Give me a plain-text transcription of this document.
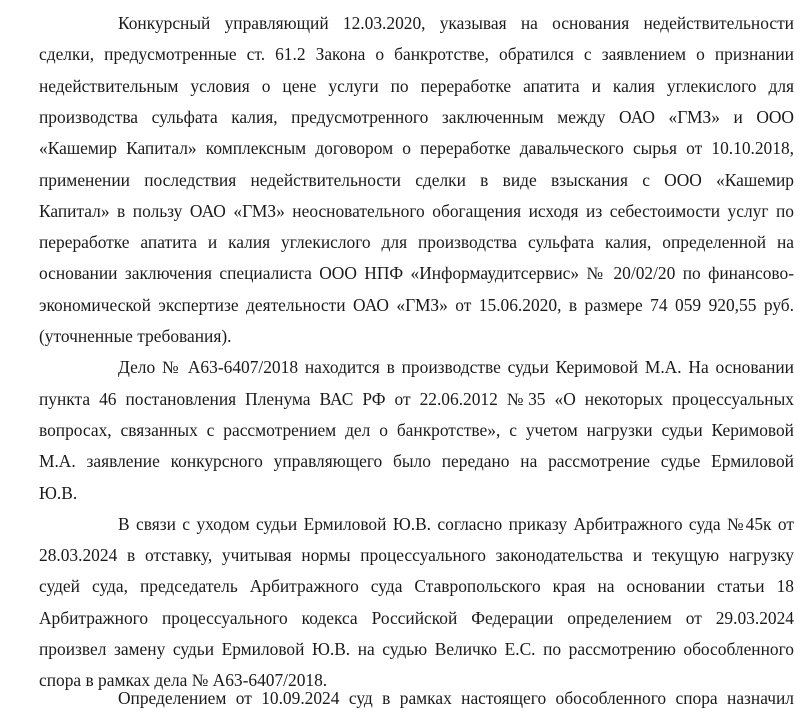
Конкурсный управляющий 12.03.2020, указывая на основания недействительности
сделки, предусмотренные ст. 61.2 Закона о банкротстве, обратился с заявлением о признании
недействительным условия о цене услуги по переработке апатита и калия углекислого для
производства сульфата калия, предусмотренного заключенным между ОАО «ГМЗ» и ООО
«Кашемир Капитал» комплексным договором о переработке давальческого сырья от 10.10.2018,
применении последствия недействительности сделки в виде взыскания с ООО «Кашемир
Капитал» в пользу ОАО «ГМЗ» неосновательного обогащения исходя из себестоимости услуг по
переработке апатита и калия углекислого для производства сульфата калия, определенной на
основании заключения специалиста ООО НПФ «Информаудитсервис» № 20/02/20 по финансово-
экономической экспертизе деятельности ОАО «ГМЗ» от 15.06.2020, в размере 74 059 920,55 руб.
(уточненные требования).
Дело № А63-6407/2018 находится в производстве судьи Керимовой М.А. На основании
пункта 46 постановления Пленума ВАС РФ от 22.06.2012 №35 «О некоторых процессуальных
вопросах, связанных с рассмотрением дел о банкротстве», с учетом нагрузки судьи Керимовой
М.А. заявление конкурсного управляющего было передано на рассмотрение судье Ермиловой
Ю.В.
В связи с уходом судьи Ермиловой Ю.В. согласно приказу Арбитражного суда №45к от
28.03.2024 в отставку, учитывая нормы процессуального законодательства и текущую нагрузку
судей суда, председатель Арбитражного суда Ставропольского края на основании статьи 18
Арбитражного процессуального кодекса Российской Федерации определением от 29.03.2024
произвел замену судьи Ермиловой Ю.В. на судью Величко Е.С. по рассмотрению обособленного
спора в рамках дела № А63-6407/2018.
Определением от 10.09.2024 суд в рамках настоящего обособленного спора назначил
